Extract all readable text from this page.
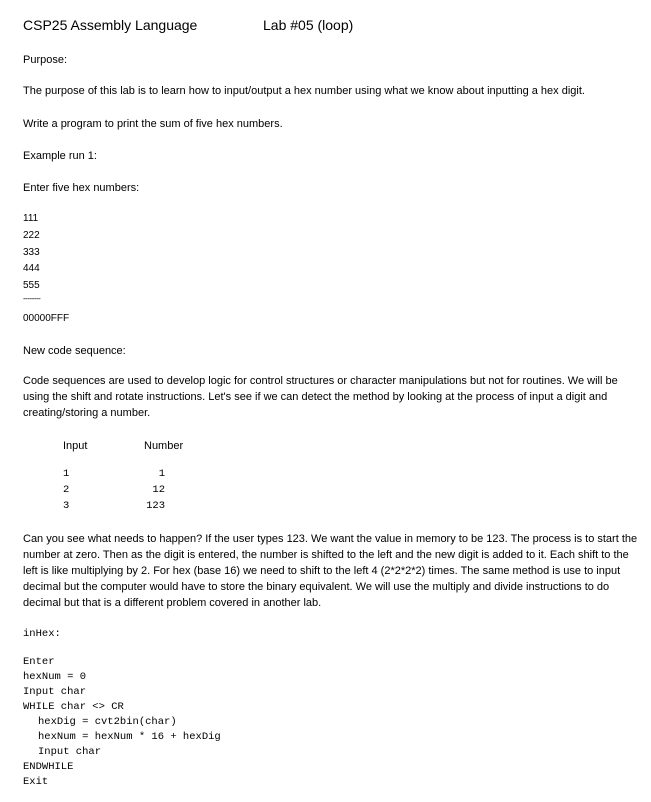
CSP25 Assembly Language	Lab #05 (loop)
Purpose:
The purpose of this lab is to learn how to input/output a hex number using what we know about inputting a hex digit.
Write a program to print the sum of five hex numbers.
Example run 1:
Enter five hex numbers:
111
222
333
444
555
--------
00000FFF
New code sequence:
Code sequences are used to develop logic for control structures or character manipulations but not for routines. We will be using the shift and rotate instructions. Let's see if we can detect the method by looking at the process of input a digit and creating/storing a number.
Input	Number
1
2
3
1
12
123
Can you see what needs to happen? If the user types 123. We want the value in memory to be 123. The process is to start the number at zero. Then as the digit is entered, the number is shifted to the left and the new digit is added to it. Each shift to the left is like multiplying by 2. For hex (base 16) we need to shift to the left 4 (2*2*2*2) times. The same method is use to input decimal but the computer would have to store the binary equivalent. We will use the multiply and divide instructions to do decimal but that is a different problem covered in another lab.
inHex:
Enter
hexNum = 0
Input char
WHILE char <> CR
hexDig = cvt2bin(char)
hexNum = hexNum * 16 + hexDig
Input char
ENDWHILE
Exit
